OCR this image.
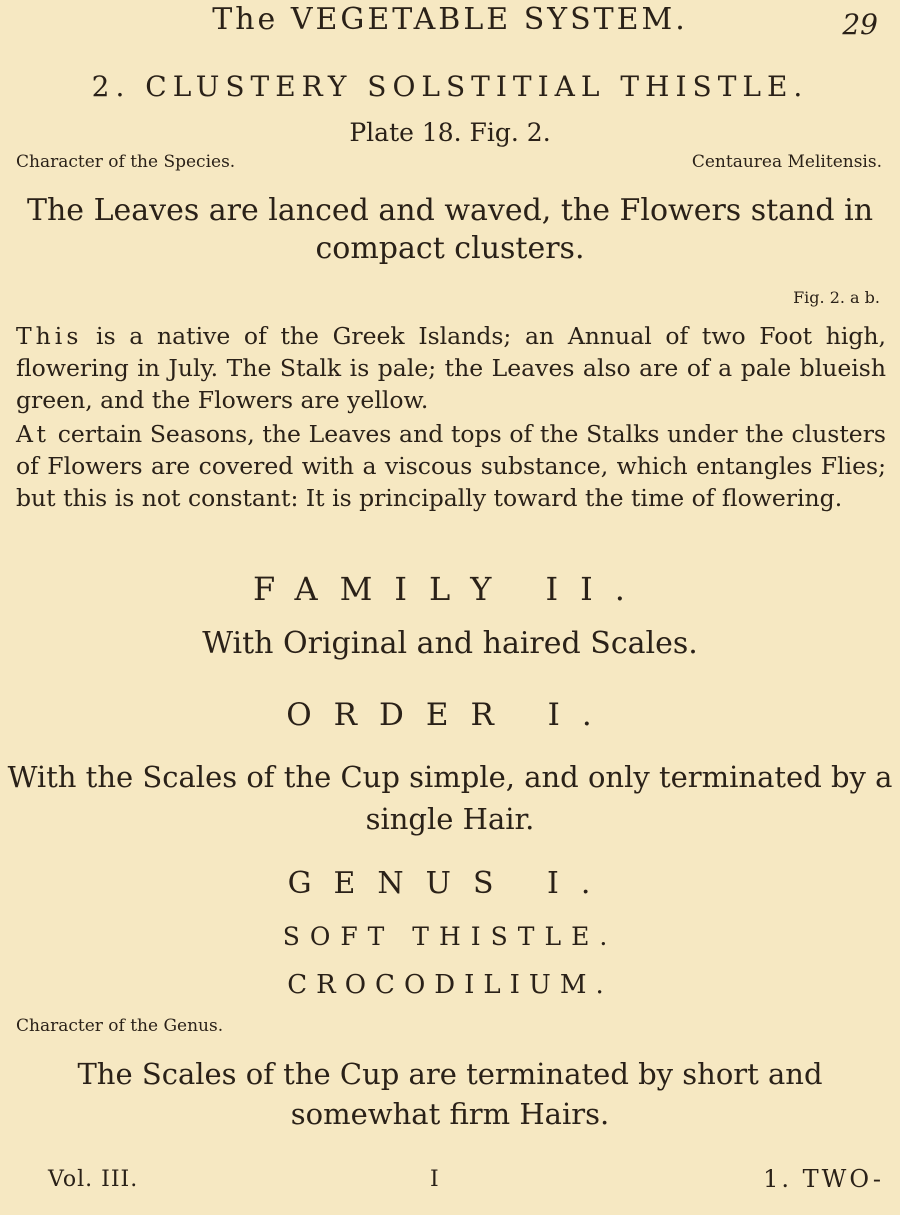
The VEGETABLE SYSTEM.	29
2. CLUSTERY SOLSTITIAL THISTLE.
Plate 18. Fig. 2.
Character of the Species.	Centaurea Melitensis.
The Leaves are lanced and waved, the Flowers stand in compact clusters.
Fig. 2. a b.
This is a native of the Greek Islands; an Annual of two Foot high, flowering in July. The Stalk is pale; the Leaves also are of a pale blueish green, and the Flowers are yellow.
At certain Seasons, the Leaves and tops of the Stalks under the clusters of Flowers are covered with a viscous substance, which entangles Flies; but this is not constant: It is principally toward the time of flowering.
FAMILY II.
With Original and haired Scales.
ORDER I.
With the Scales of the Cup simple, and only terminated by a single Hair.
GENUS I.
SOFT THISTLE.
CROCODILIUM.
Character of the Genus.
The Scales of the Cup are terminated by short and somewhat firm Hairs.
Vol. III.	I	1. TWO-
